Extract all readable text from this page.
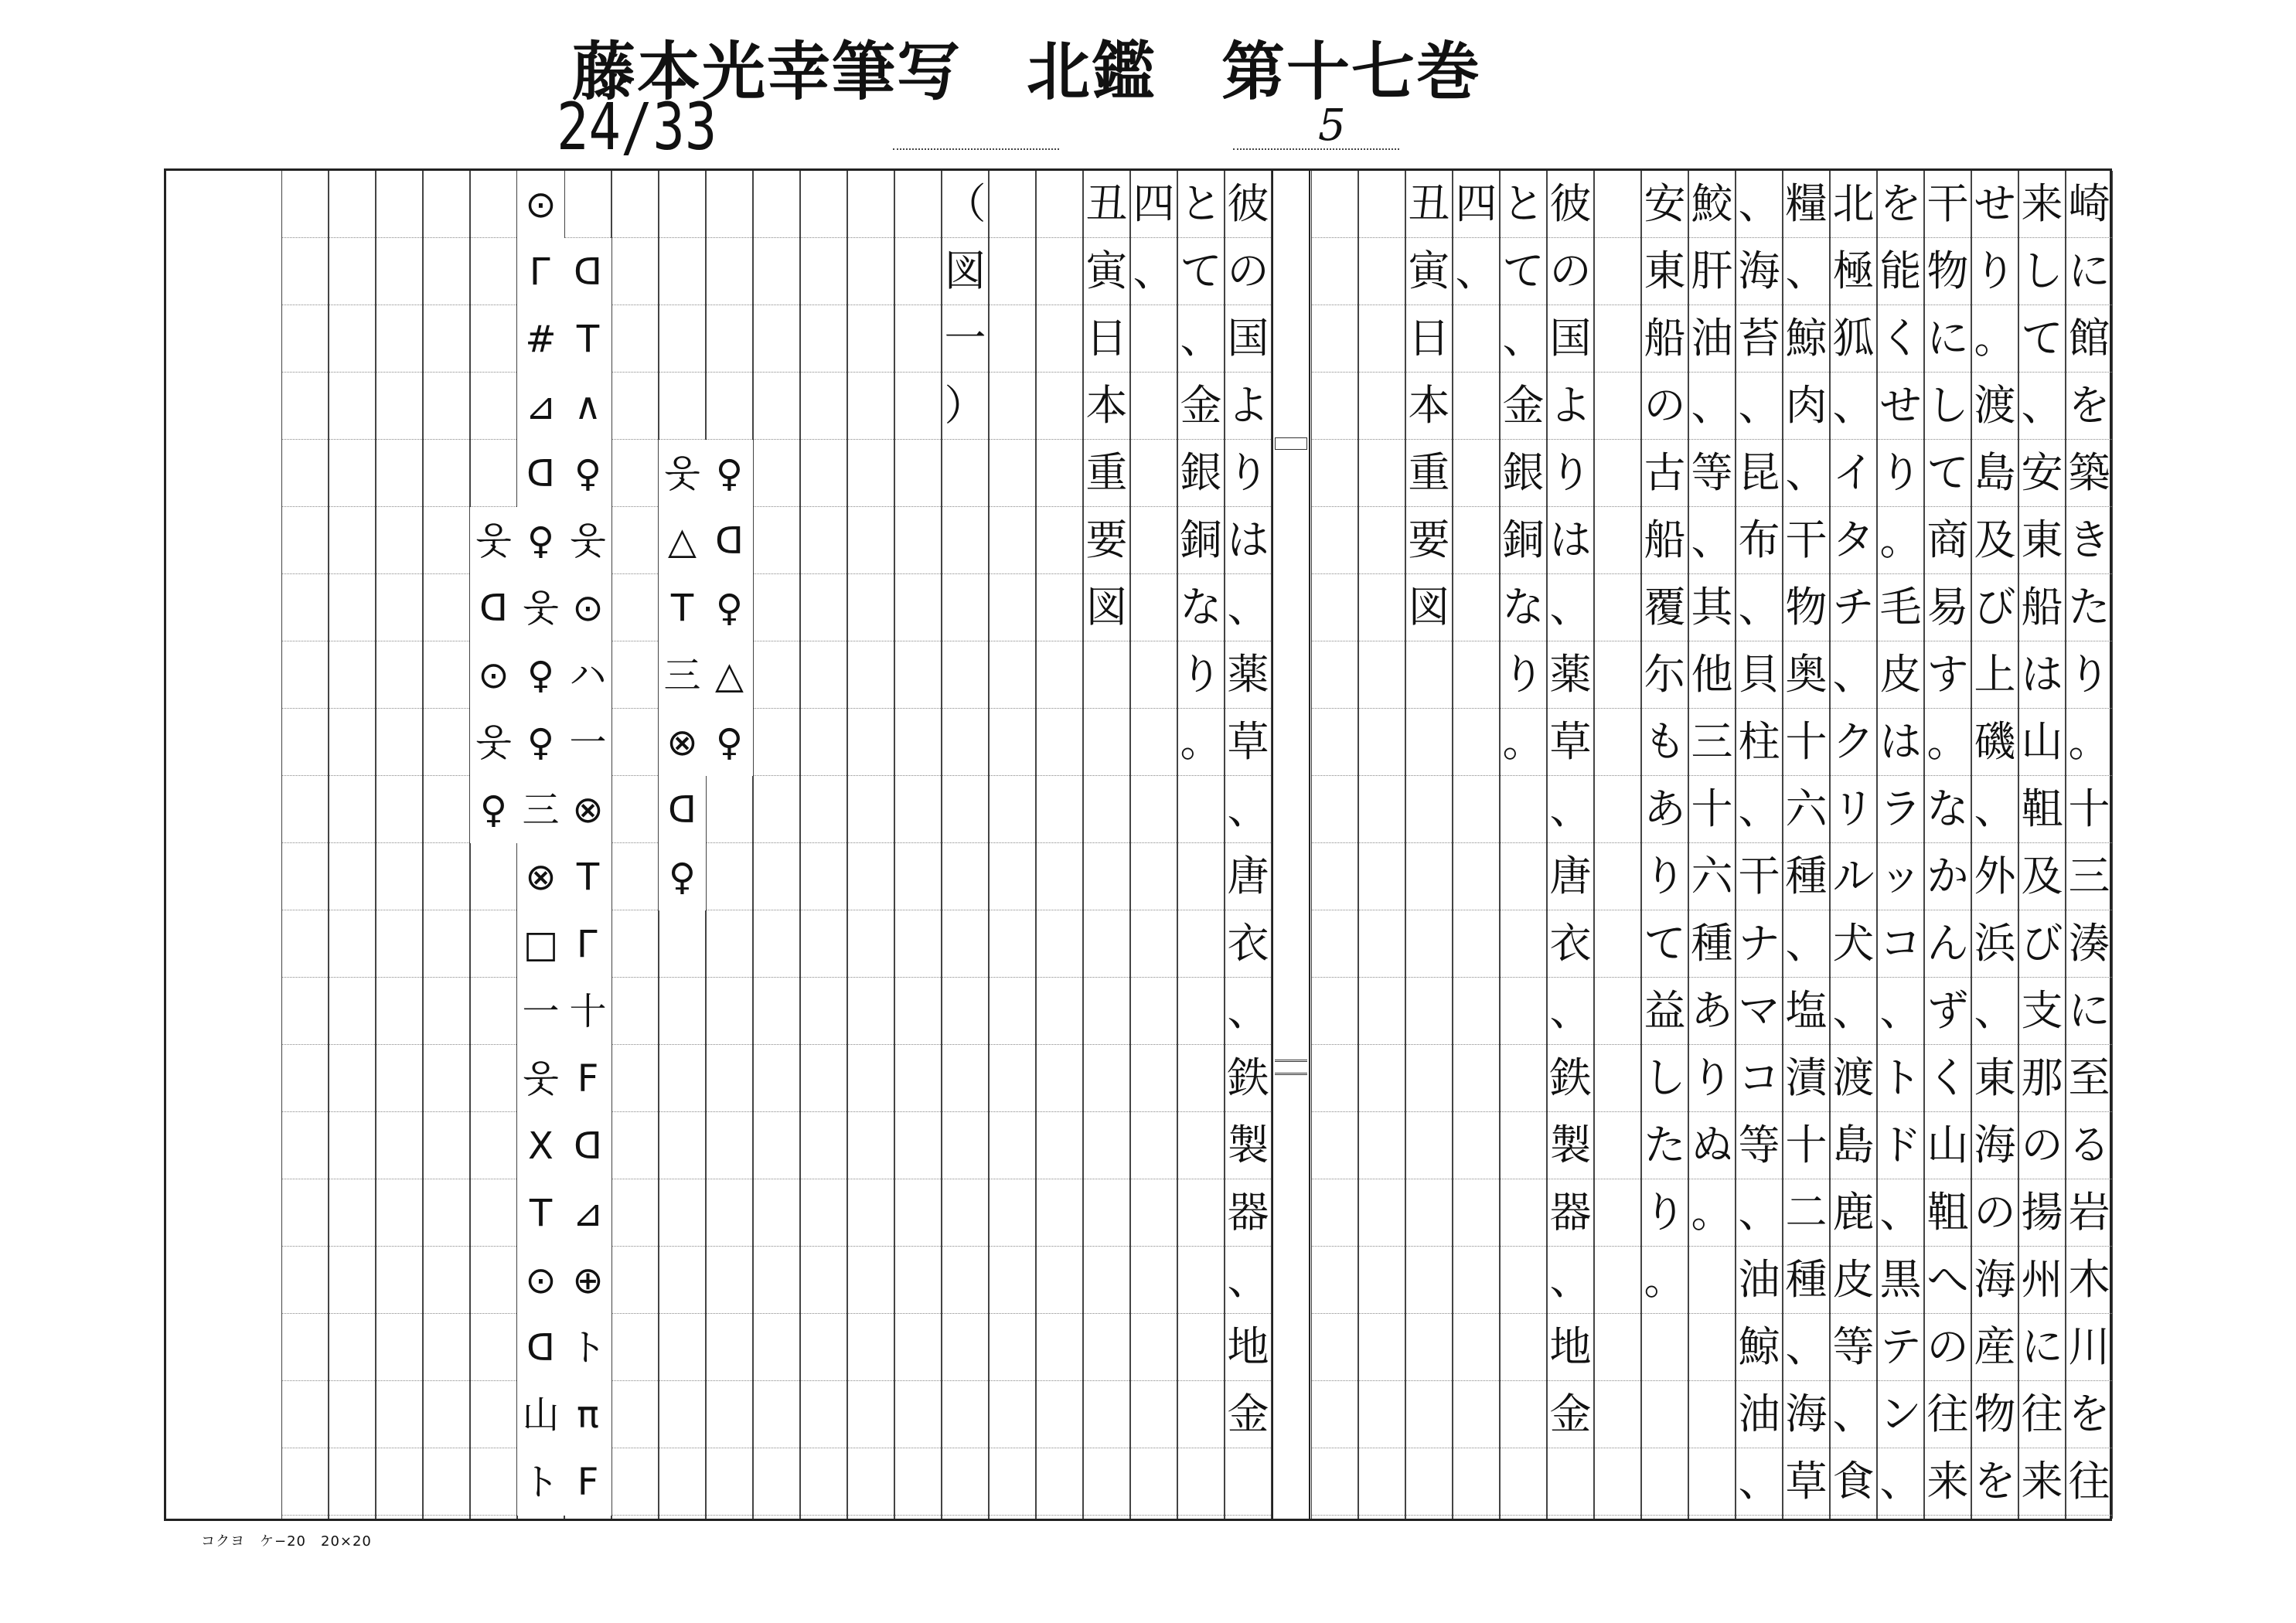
藤本光幸筆写　北鑑　第十七巻
24/33	5
崎
に
館
を
築
き
た
り
。
十
三
湊
に
至
る
岩
木
川
を
往
来
し
て
、
安
東
船
は
山
靻
及
び
支
那
の
揚
州
に
往
来
せ
り
。
渡
島
及
び
上
磯
、
外
浜
、
東
海
の
海
産
物
を
干
物
に
し
て
商
易
す
。
な
か
ん
ず
く
山
靻
へ
の
往
来
を
能
く
せ
り
。
毛
皮
は
ラ
ッ
コ
、
ト
ド
、
黒
テ
ン
、
北
極
狐
、
イ
タ
チ
、
ク
リ
ル
犬
、
渡
島
鹿
皮
等
、
食
糧
、
鯨
肉
、
干
物
奥
十
六
種
、
塩
漬
十
二
種
、
海
草
、
海
苔
、
昆
布
、
貝
柱
、
干
ナ
マ
コ
等
、
油
鯨
油
、
鮫
肝
油
、
等
、
其
他
三
十
六
種
あ
り
ぬ
。
安
東
船
の
古
船
覆
尓
も
あ
り
て
益
し
た
り
。
彼
の
国
よ
り
は
、
薬
草
、
唐
衣
、
鉄
製
器
、
地
金
と
て
、
金
銀
銅
な
り
。
四
、
丑
寅
日
本
重
要
図
彼
の
国
よ
り
は
、
薬
草
、
唐
衣
、
鉄
製
器
、
地
金
と
て
、
金
銀
銅
な
り
。
四
、
丑
寅
日
本
重
要
図
（
図
一
）
♀
ᗡ
♀
△
♀
웃
△
Т
三
⊗
ᗡ
♀
ᗡ
Т
∧
♀
웃
⊙
ハ
一
⊗
Т
Г
十
F
ᗡ
⊿
⊕
ト
π
F
⊙
Г
#
⊿
ᗡ
♀
웃
♀
♀
三
⊗
□
一
웃
Х
Т
⊙
ᗡ
山
ト
웃
ᗡ
⊙
웃
♀
コクヨ　ケ−20　20×20
